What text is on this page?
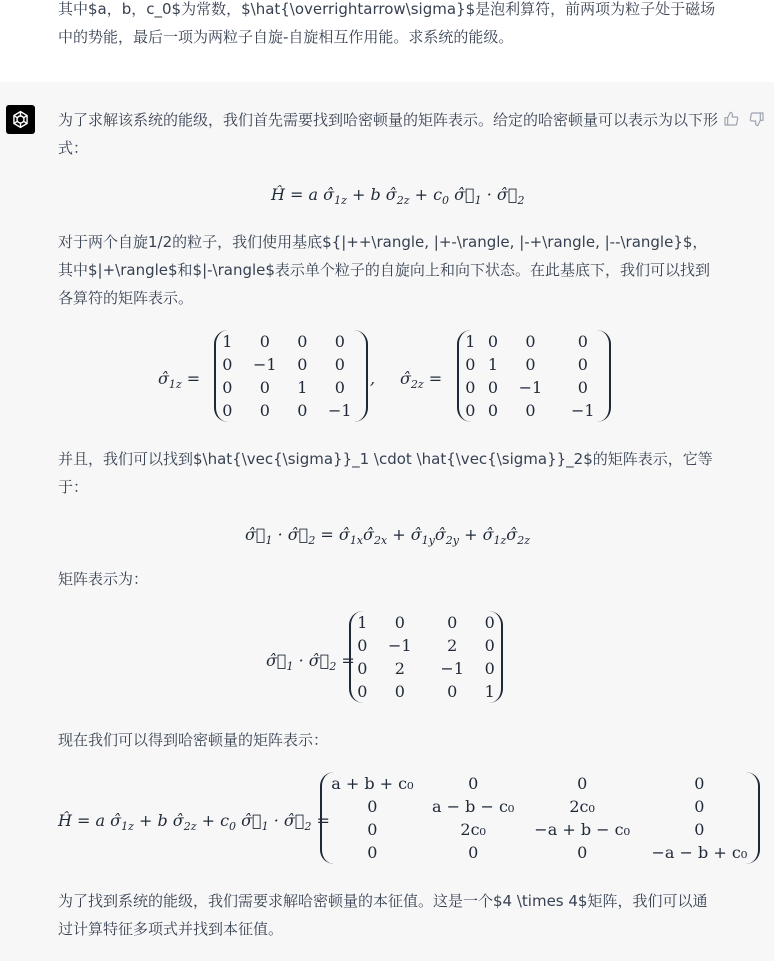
其中$a，b，c_0$为常数，$\hat{\overrightarrow\sigma}$是泡利算符，前两项为粒子处于磁场中的势能，最后一项为两粒子自旋-自旋相互作用能。求系统的能级。

为了求解该系统的能级，我们首先需要找到哈密顿量的矩阵表示。给定的哈密顿量可以表示为以下形式：

Ĥ = a $\sigmâ_{1z} + b$ $\sigmâ_{2z} + c_0$ $\sigmâ⃗_1$ · $\sigmâ⃗_2$

对于两个自旋1/2的粒子，我们使用基底${|++\rangle, |+-\rangle, |-+\rangle, |--\rangle}$，其中$|+\rangle$和$|-\rangle$表示单个粒子的自旋向上和向下状态。在此基底下，我们可以找到各算符的矩阵表示。

$\sigmâ_{1z}$ =
1	0	0	0
0	−1	0	0
0	0	1	0
0	0	0	−1
, $\sigmâ_{2z}$ =
1	0	0	0
0	1	0	0
0	0	−1	0
0	0	0	−1

并且，我们可以找到$\hat{\vec{\sigma}}_1 \cdot \hat{\vec{\sigma}}_2$的矩阵表示，它等于：

$\sigmâ⃗_1$ · $\sigmâ⃗_2$ = $\sigmâ_{1x}\sigmâ_{2x}$ + $\sigmâ_{1y}\sigmâ_{2y}$ + $\sigmâ_{1z}\sigmâ_{2z}$

矩阵表示为：

$\sigmâ⃗_1$ · $\sigmâ⃗_2$ =
1	0	0	0
0	−1	2	0
0	2	−1	0
0	0	0	1

现在我们可以得到哈密顿量的矩阵表示：

Ĥ = a $\sigmâ_{1z} + b$ $\sigmâ_{2z} + c_0$ $\sigmâ⃗_1$ · $\sigmâ⃗_2$ =
a + b + c₀	0	0	0
0	a − b − c₀	2c₀	0
0	2c₀	−a + b − c₀	0
0	0	0	−a − b + c₀

为了找到系统的能级，我们需要求解哈密顿量的本征值。这是一个$4 \times 4$矩阵，我们可以通过计算特征多项式并找到本征值。
